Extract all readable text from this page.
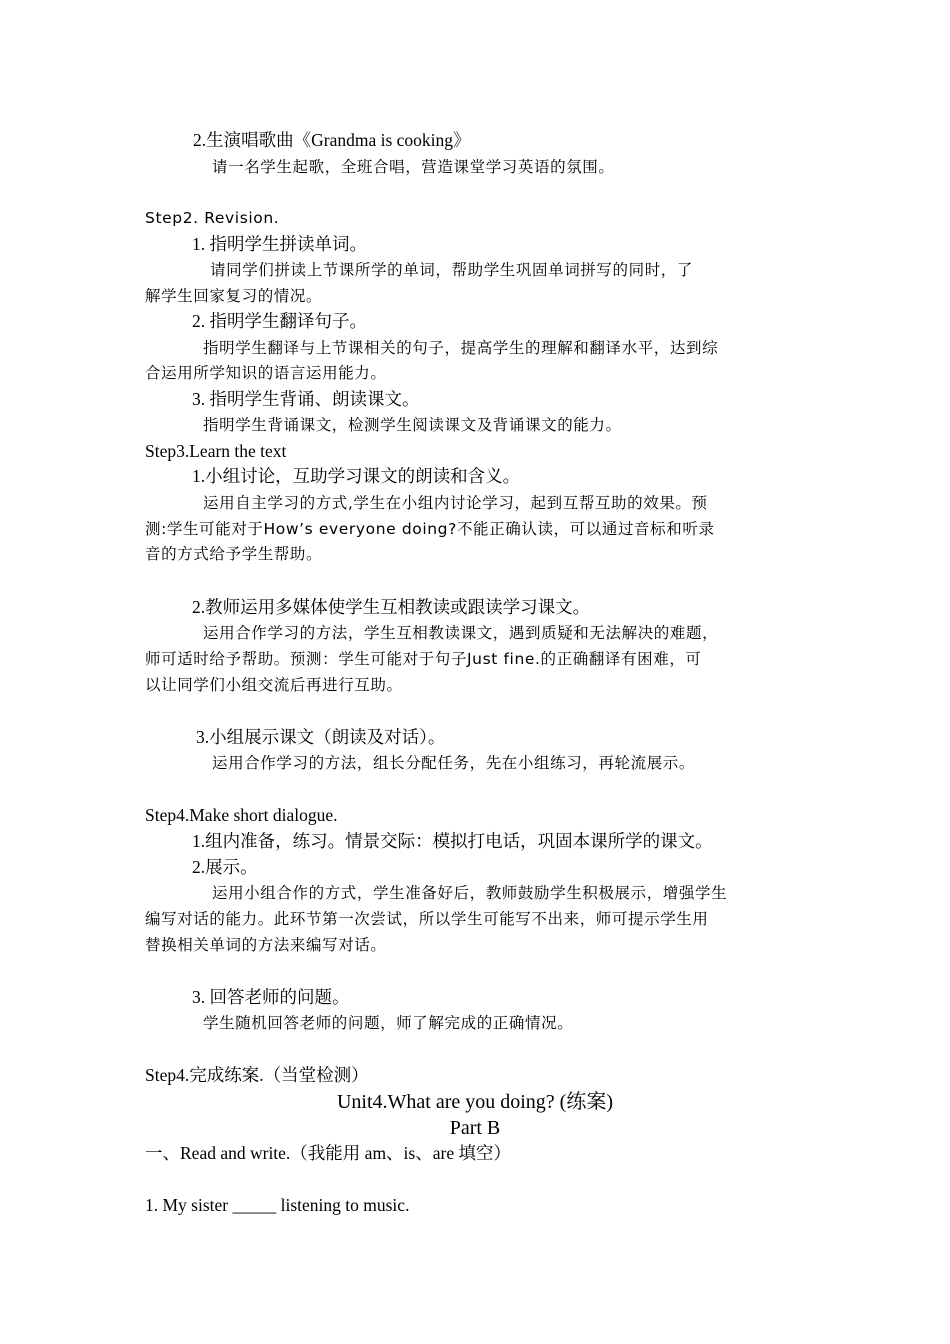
2.生演唱歌曲《Grandma is cooking》
请一名学生起歌，全班合唱，营造课堂学习英语的氛围。
Step2. Revision.
1. 指明学生拼读单词。
请同学们拼读上节课所学的单词，帮助学生巩固单词拼写的同时，了
解学生回家复习的情况。
2. 指明学生翻译句子。
指明学生翻译与上节课相关的句子，提高学生的理解和翻译水平，达到综
合运用所学知识的语言运用能力。
3. 指明学生背诵、朗读课文。
指明学生背诵课文，检测学生阅读课文及背诵课文的能力。
Step3.Learn the text
1.小组讨论，互助学习课文的朗读和含义。
运用自主学习的方式,学生在小组内讨论学习，起到互帮互助的效果。预
测:学生可能对于How’s everyone doing?不能正确认读，可以通过音标和听录
音的方式给予学生帮助。
2.教师运用多媒体使学生互相教读或跟读学习课文。
运用合作学习的方法，学生互相教读课文，遇到质疑和无法解决的难题，
师可适时给予帮助。预测：学生可能对于句子Just fine.的正确翻译有困难，可
以让同学们小组交流后再进行互助。
3.小组展示课文（朗读及对话）。
运用合作学习的方法，组长分配任务，先在小组练习，再轮流展示。
Step4.Make short dialogue.
1.组内准备，练习。情景交际：模拟打电话，巩固本课所学的课文。
2.展示。
运用小组合作的方式，学生准备好后，教师鼓励学生积极展示，增强学生
编写对话的能力。此环节第一次尝试，所以学生可能写不出来，师可提示学生用
替换相关单词的方法来编写对话。
3. 回答老师的问题。
学生随机回答老师的问题，师了解完成的正确情况。
Step4.完成练案.（当堂检测）
Unit4.What are you doing? (练案)
Part B
一、Read and write.（我能用 am、is、are 填空）
1. My sister _____ listening to music.
